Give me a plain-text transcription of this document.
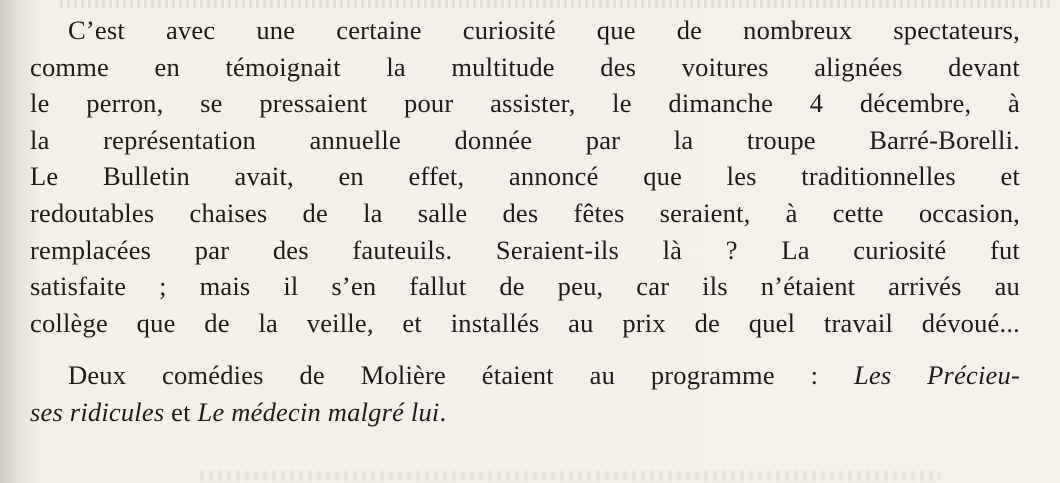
C’est avec une certaine curiosité que de nombreux spectateurs,
comme en témoignait la multitude des voitures alignées devant
le perron, se pressaient pour assister, le dimanche 4 décembre, à
la représentation annuelle donnée par la troupe Barré-Borelli.
Le Bulletin avait, en effet, annoncé que les traditionnelles et
redoutables chaises de la salle des fêtes seraient, à cette occasion,
remplacées par des fauteuils. Seraient-ils là ? La curiosité fut
satisfaite ; mais il s’en fallut de peu, car ils n’étaient arrivés au
collège que de la veille, et installés au prix de quel travail dévoué...
Deux comédies de Molière étaient au programme : Les Précieu-
ses ridicules et Le médecin malgré lui.
